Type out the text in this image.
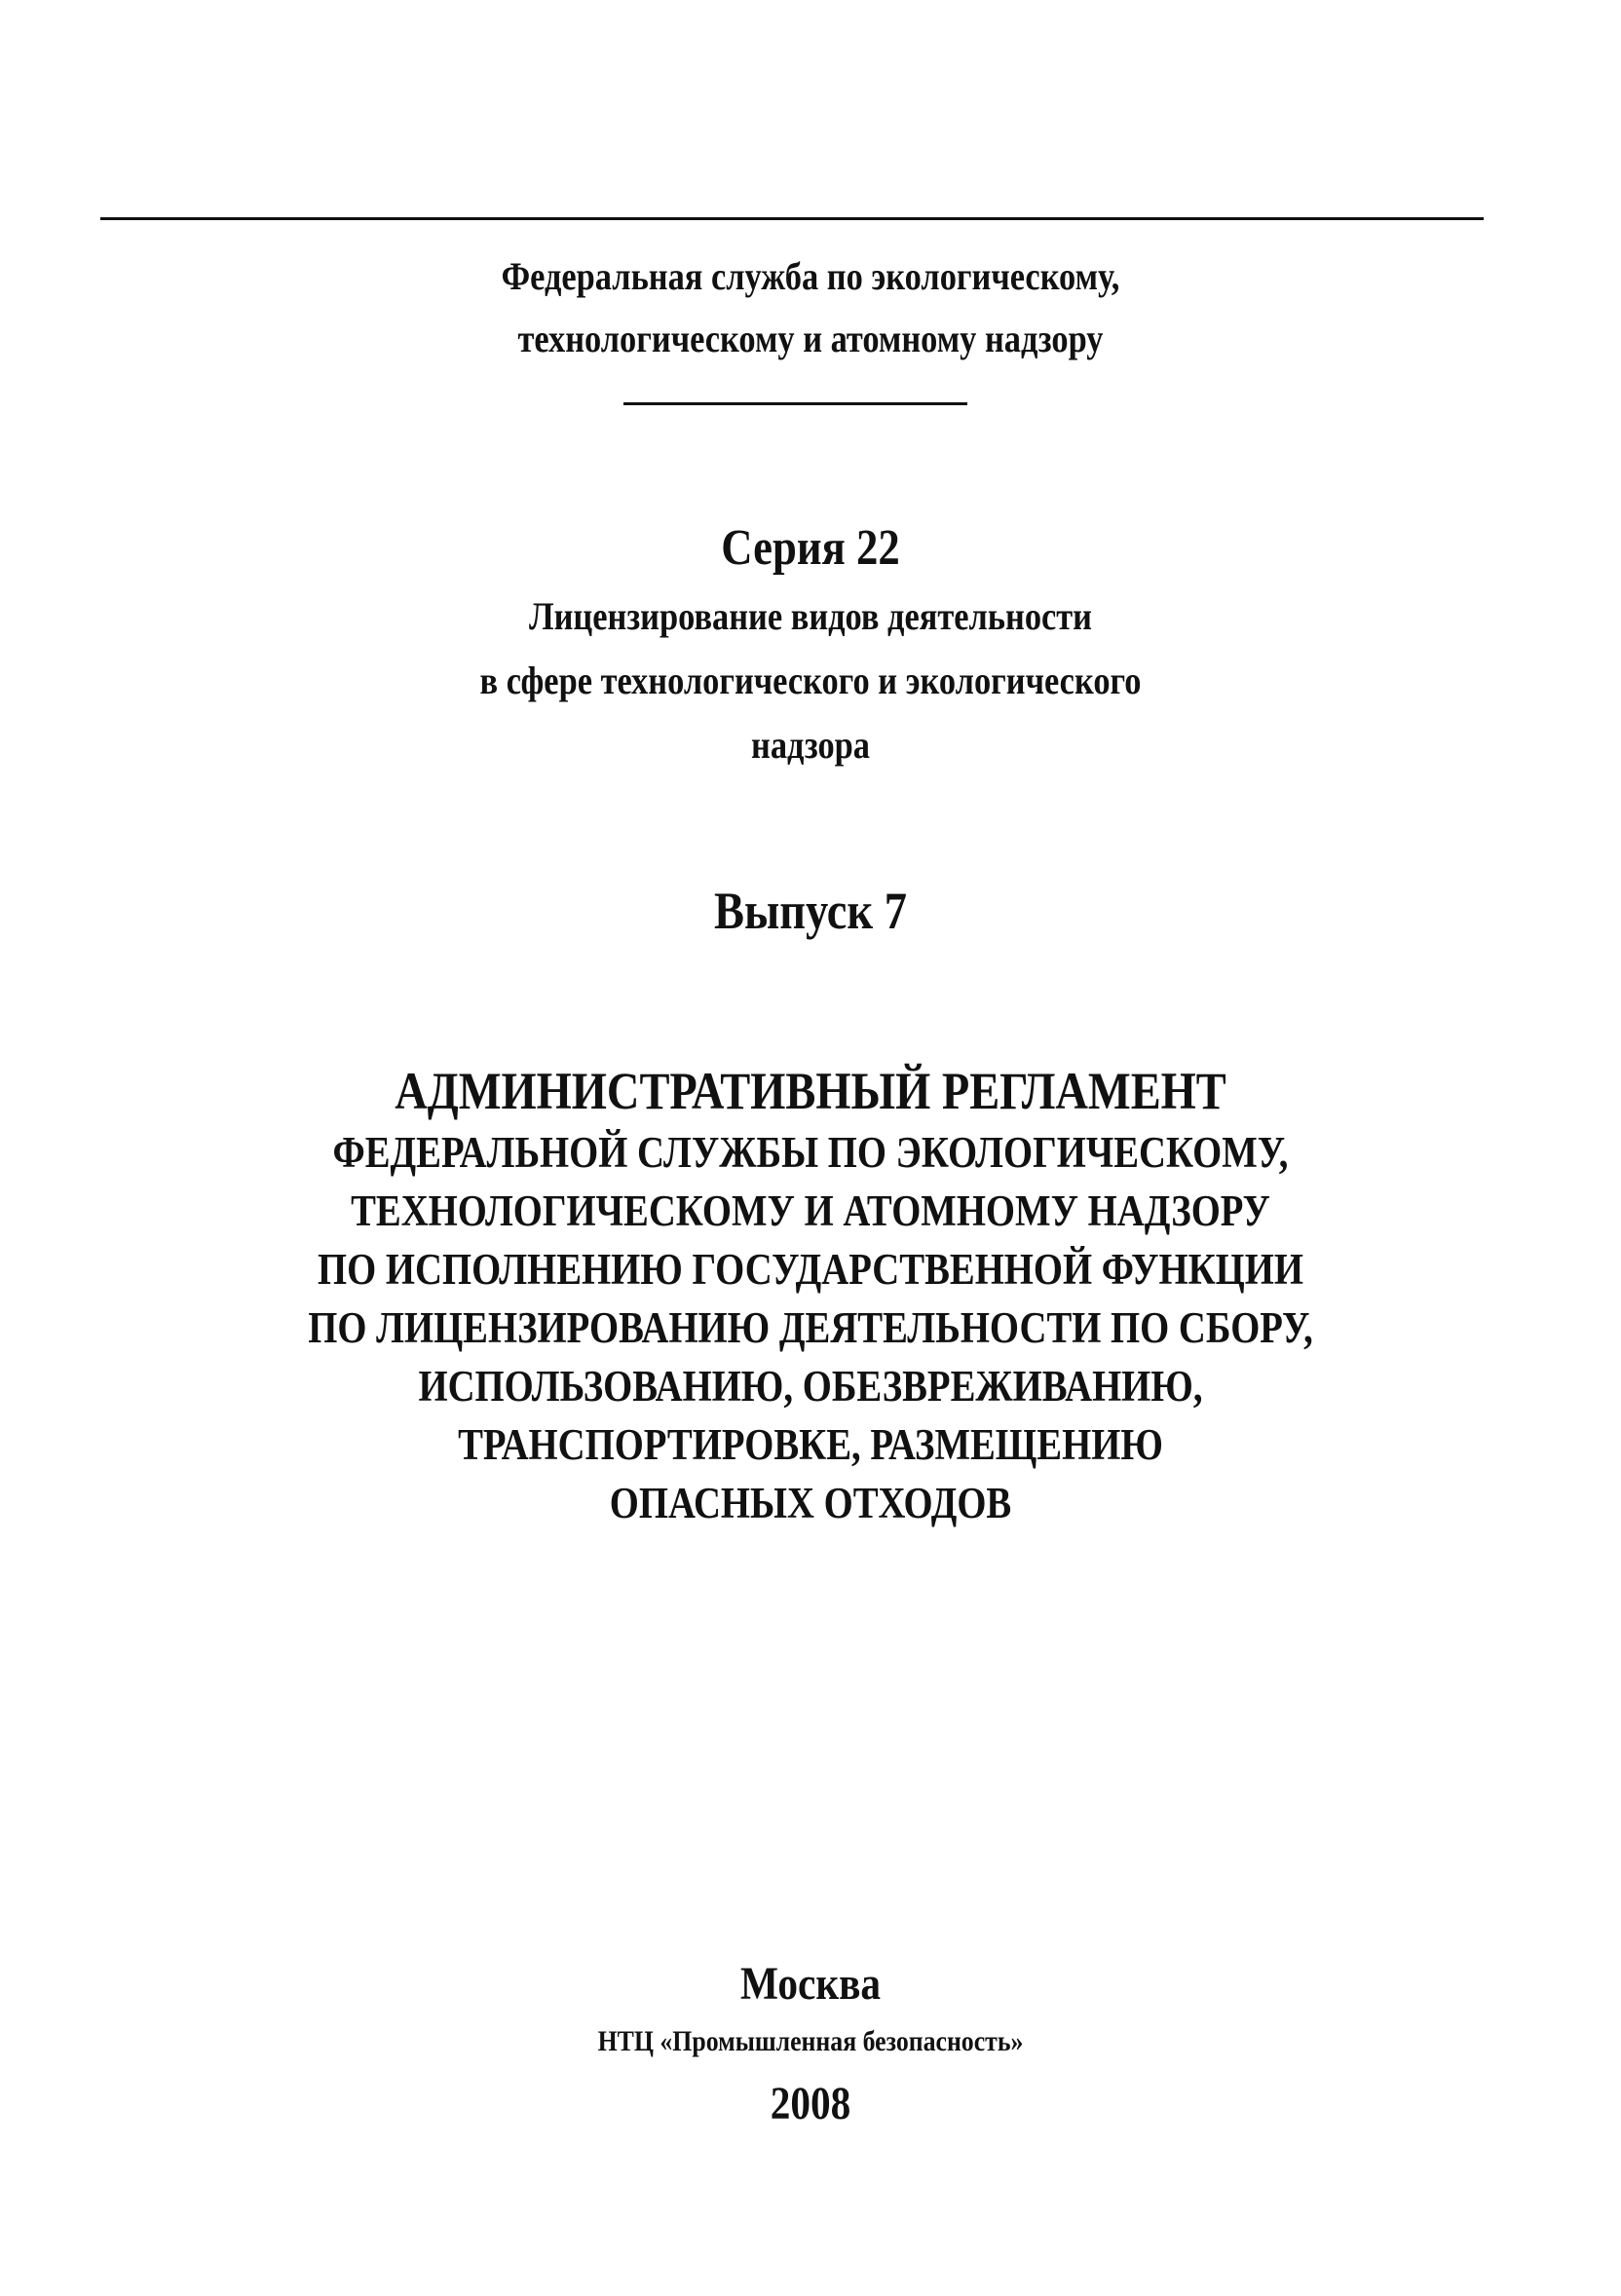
Федеральная служба по экологическому,
технологическому и атомному надзору
Серия 22
Лицензирование видов деятельности
в сфере технологического и экологического
надзора
Выпуск 7
АДМИНИСТРАТИВНЫЙ РЕГЛАМЕНТ
ФЕДЕРАЛЬНОЙ СЛУЖБЫ ПО ЭКОЛОГИЧЕСКОМУ,
ТЕХНОЛОГИЧЕСКОМУ И АТОМНОМУ НАДЗОРУ
ПО ИСПОЛНЕНИЮ ГОСУДАРСТВЕННОЙ ФУНКЦИИ
ПО ЛИЦЕНЗИРОВАНИЮ ДЕЯТЕЛЬНОСТИ ПО СБОРУ,
ИСПОЛЬЗОВАНИЮ, ОБЕЗВРЕЖИВАНИЮ,
ТРАНСПОРТИРОВКЕ, РАЗМЕЩЕНИЮ
ОПАСНЫХ ОТХОДОВ
Москва
НТЦ «Промышленная безопасность»
2008
